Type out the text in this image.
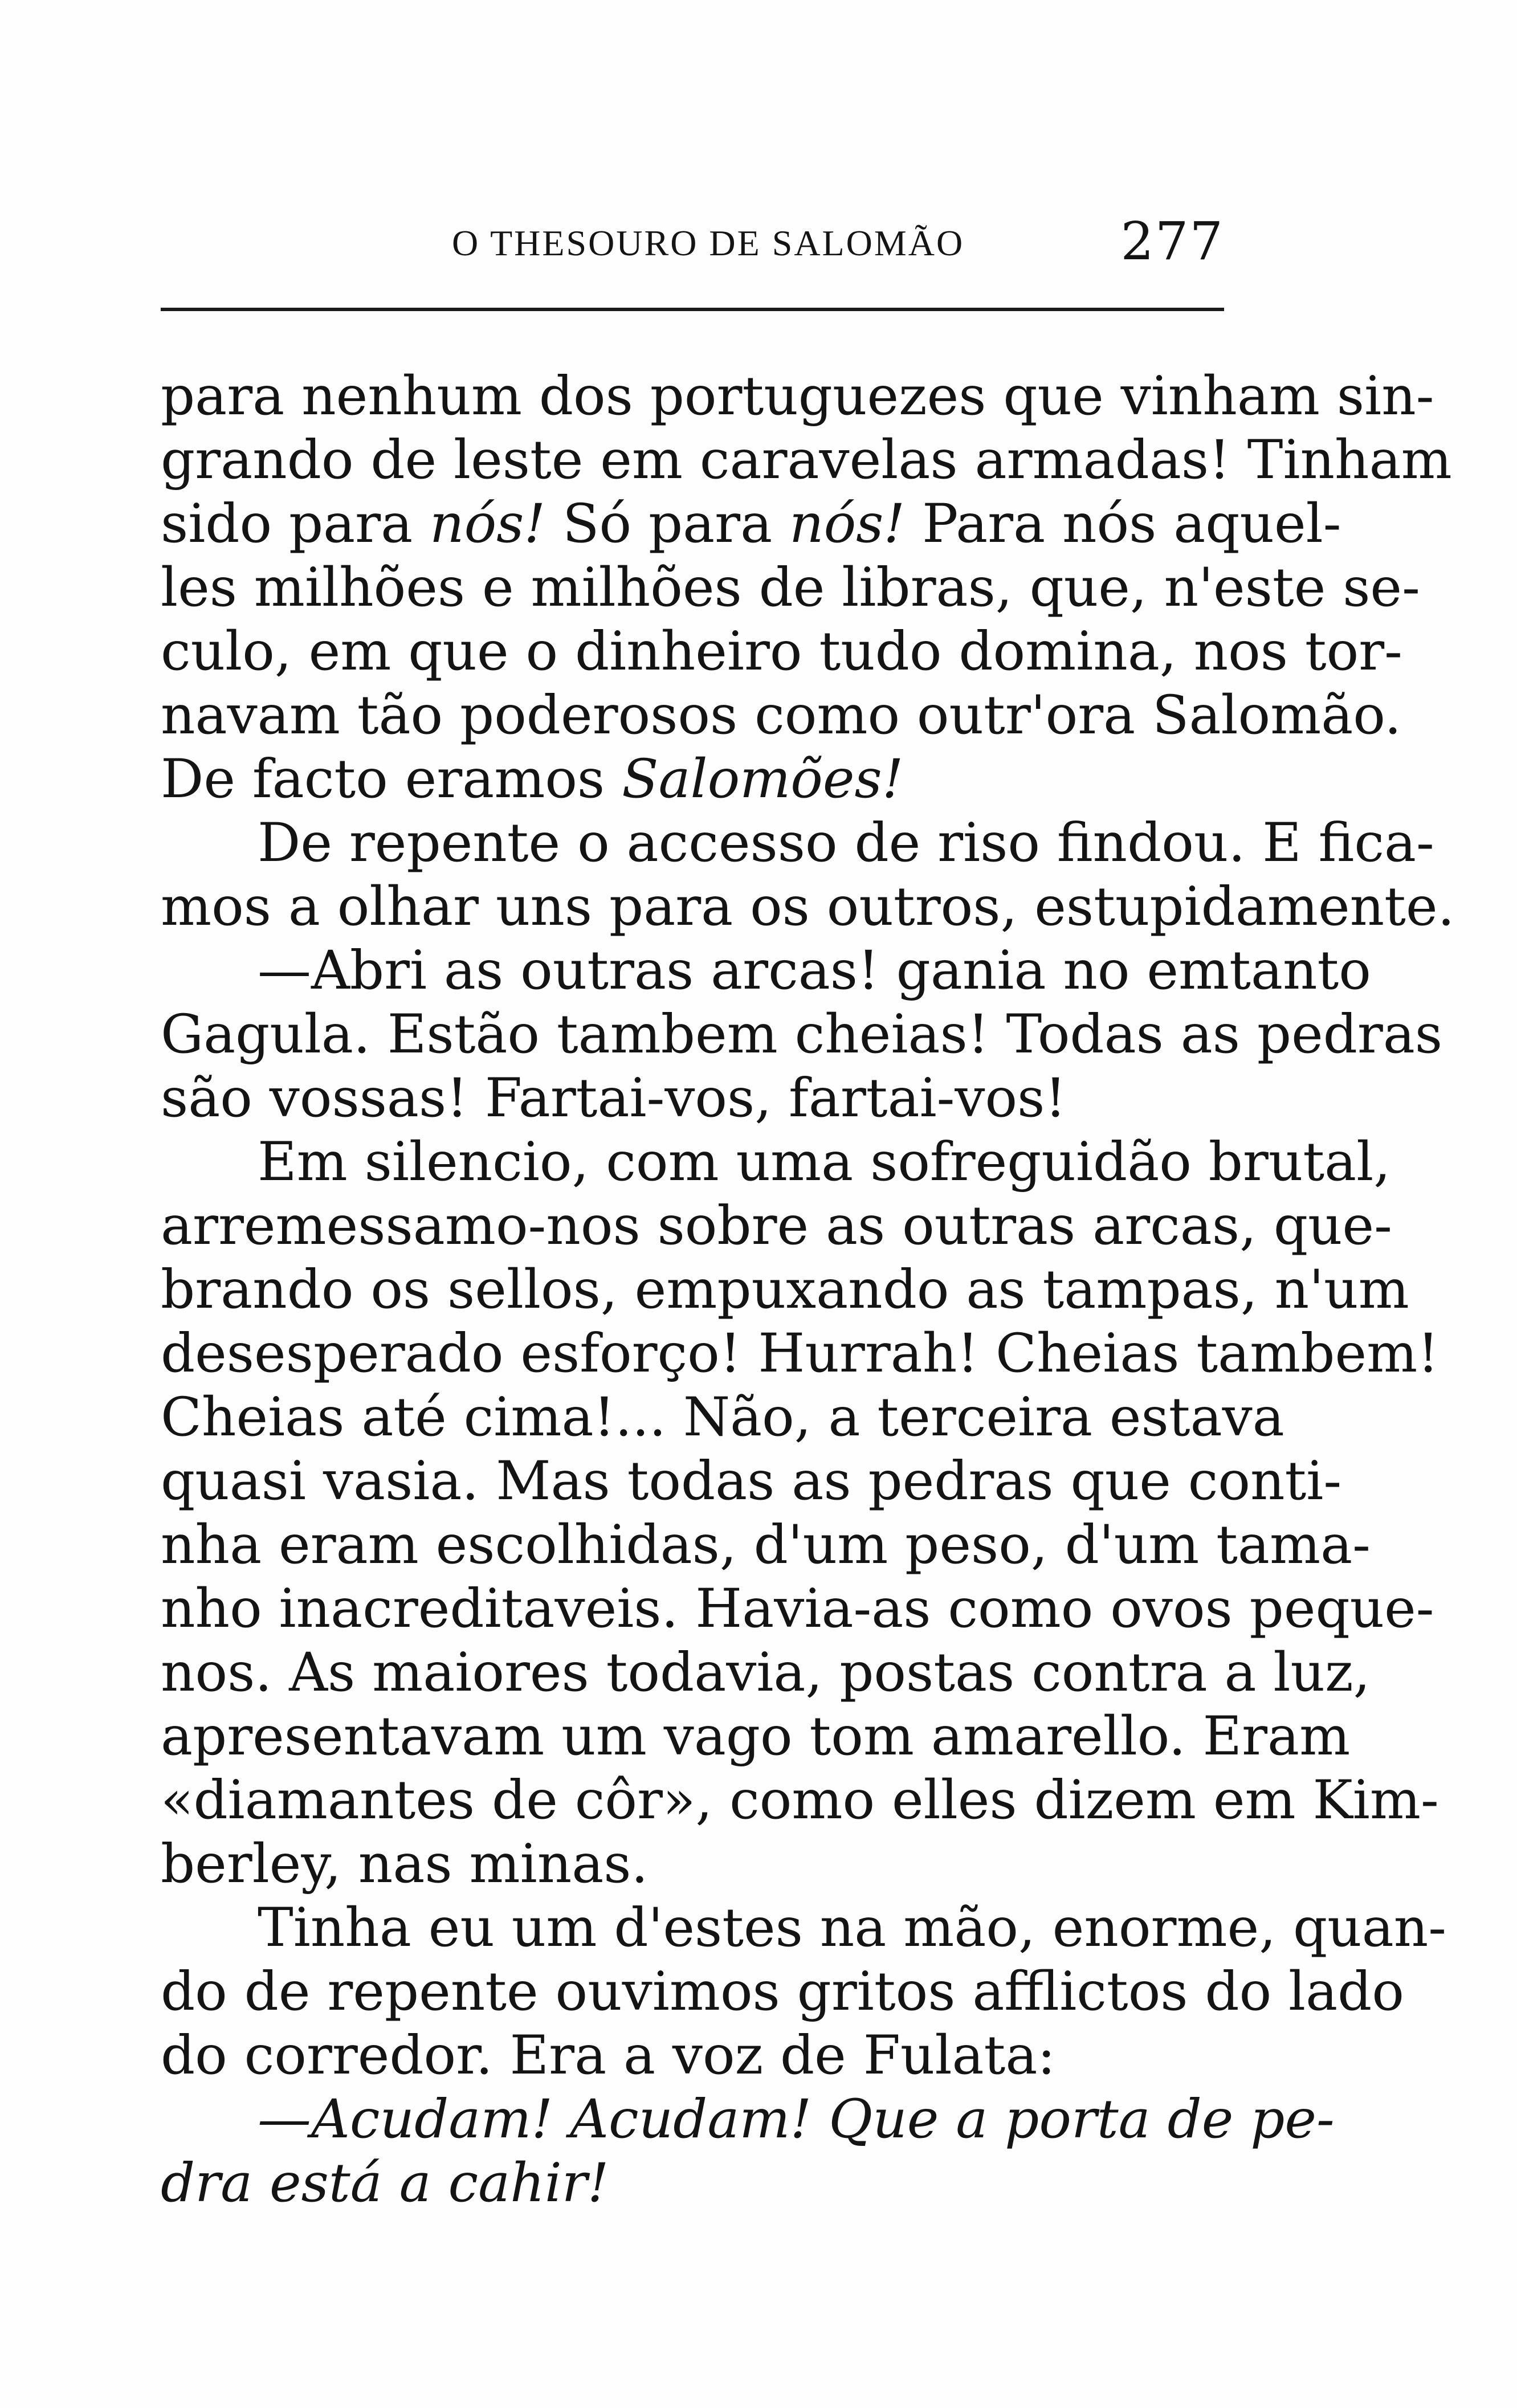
O THESOURO DE SALOMÃO	277
para nenhum dos portuguezes que vinham sin-
grando de leste em caravelas armadas! Tinham
sido para nós! Só para nós! Para nós aquel-
les milhões e milhões de libras, que, n'este se-
culo, em que o dinheiro tudo domina, nos tor-
navam tão poderosos como outr'ora Salomão.
De facto eramos Salomões!
De repente o accesso de riso findou. E fica-
mos a olhar uns para os outros, estupidamente.
—Abri as outras arcas! gania no emtanto
Gagula. Estão tambem cheias! Todas as pedras
são vossas! Fartai-vos, fartai-vos!
Em silencio, com uma sofreguidão brutal,
arremessamo-nos sobre as outras arcas, que-
brando os sellos, empuxando as tampas, n'um
desesperado esforço! Hurrah! Cheias tambem!
Cheias até cima!... Não, a terceira estava
quasi vasia. Mas todas as pedras que conti-
nha eram escolhidas, d'um peso, d'um tama-
nho inacreditaveis. Havia-as como ovos peque-
nos. As maiores todavia, postas contra a luz,
apresentavam um vago tom amarello. Eram
«diamantes de côr», como elles dizem em Kim-
berley, nas minas.
Tinha eu um d'estes na mão, enorme, quan-
do de repente ouvimos gritos afflictos do lado
do corredor. Era a voz de Fulata:
—Acudam! Acudam! Que a porta de pe-
dra está a cahir!
